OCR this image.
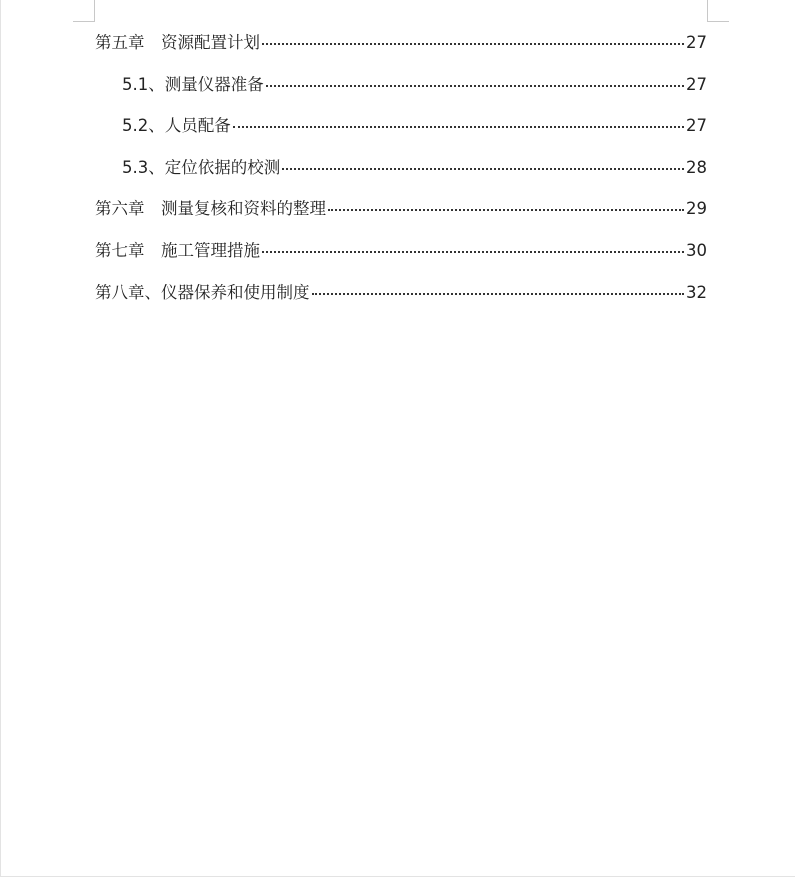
第五章　资源配置计划	27
5.1、测量仪器准备	27
5.2、人员配备	27
5.3、定位依据的校测	28
第六章　测量复核和资料的整理	29
第七章　施工管理措施	30
第八章、仪器保养和使用制度	32
